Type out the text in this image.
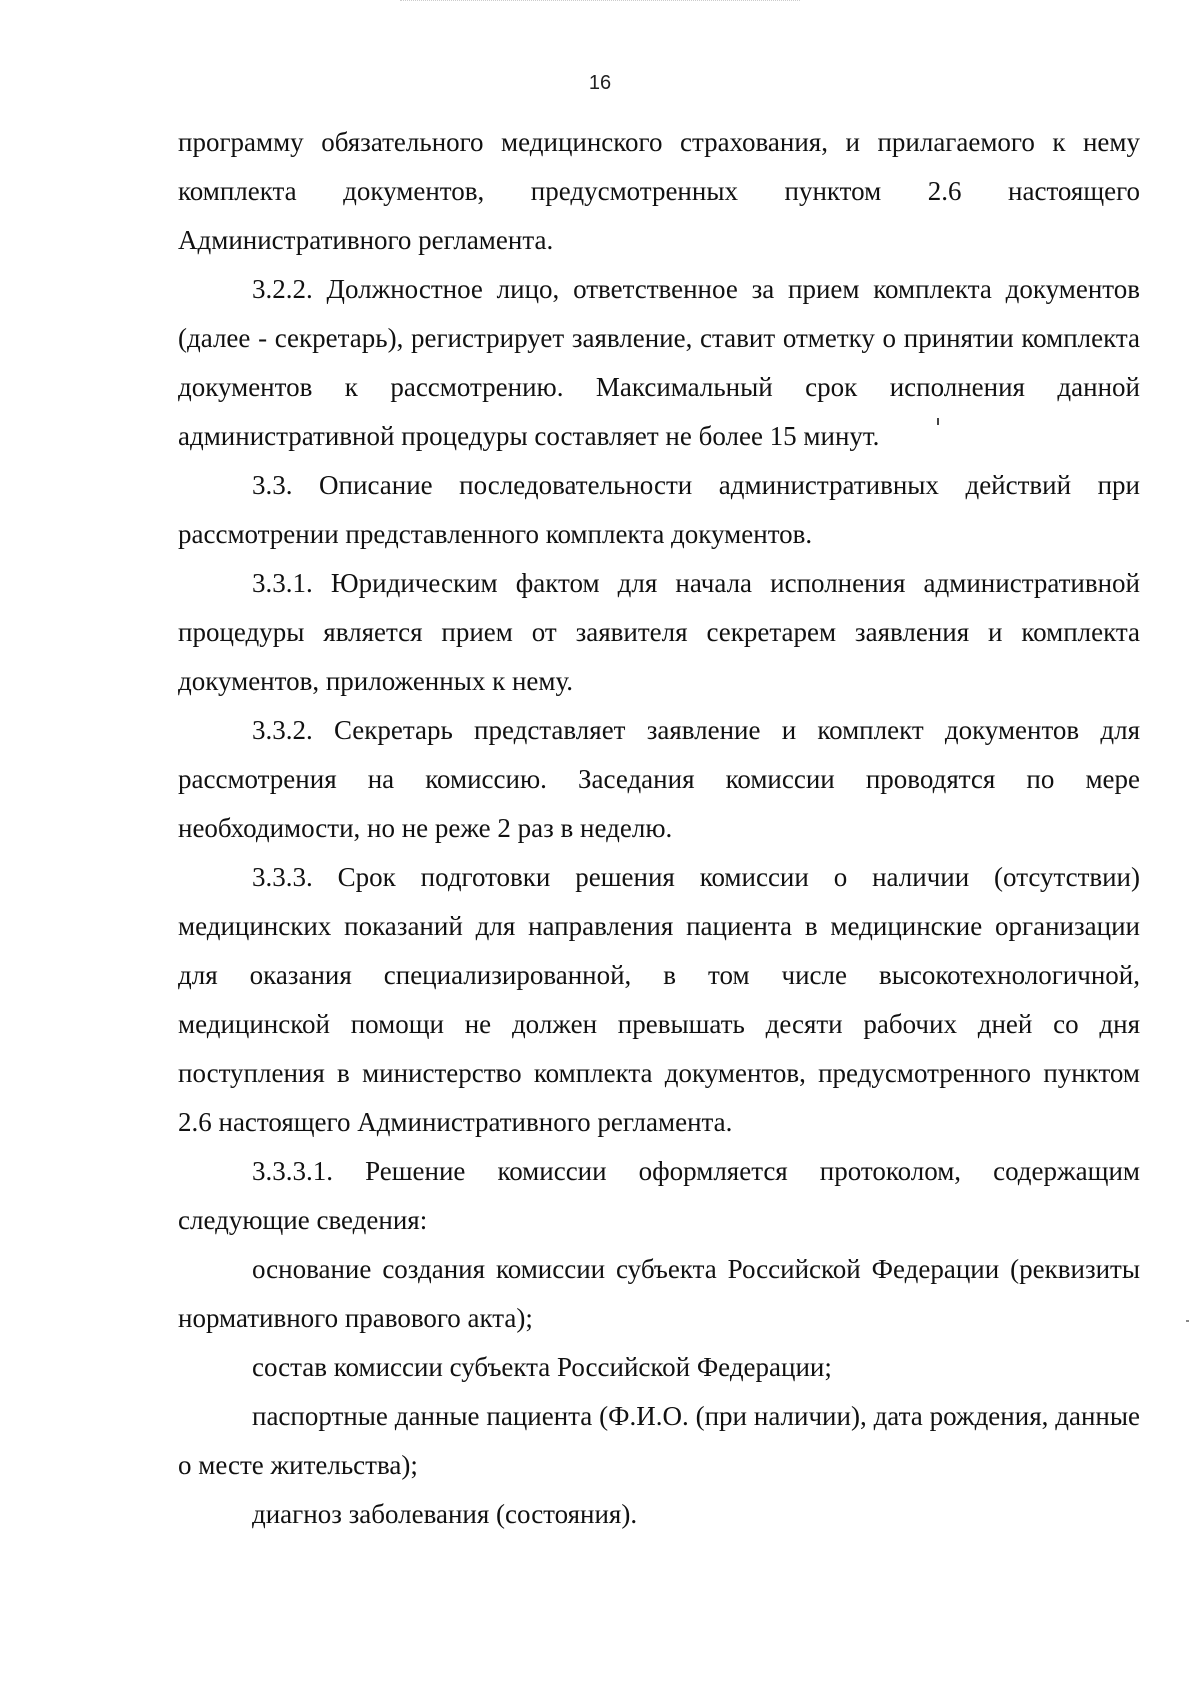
16

программу обязательного медицинского страхования, и прилагаемого к нему комплекта документов, предусмотренных пунктом 2.6 настоящего Административного регламента.

3.2.2. Должностное лицо, ответственное за прием комплекта документов (далее - секретарь), регистрирует заявление, ставит отметку о принятии комплекта документов к рассмотрению. Максимальный срок исполнения данной административной процедуры составляет не более 15 минут.

3.3. Описание последовательности административных действий при рассмотрении представленного комплекта документов.

3.3.1. Юридическим фактом для начала исполнения административной процедуры является прием от заявителя секретарем заявления и комплекта документов, приложенных к нему.

3.3.2. Секретарь представляет заявление и комплект документов для рассмотрения на комиссию. Заседания комиссии проводятся по мере необходимости, но не реже 2 раз в неделю.

3.3.3. Срок подготовки решения комиссии о наличии (отсутствии) медицинских показаний для направления пациента в медицинские организации для оказания специализированной, в том числе высокотехнологичной, медицинской помощи не должен превышать десяти рабочих дней со дня поступления в министерство комплекта документов, предусмотренного пунктом 2.6 настоящего Административного регламента.

3.3.3.1. Решение комиссии оформляется протоколом, содержащим следующие сведения:

основание создания комиссии субъекта Российской Федерации (реквизиты нормативного правового акта);

состав комиссии субъекта Российской Федерации;

паспортные данные пациента (Ф.И.О. (при наличии), дата рождения, данные о месте жительства);

диагноз заболевания (состояния).
